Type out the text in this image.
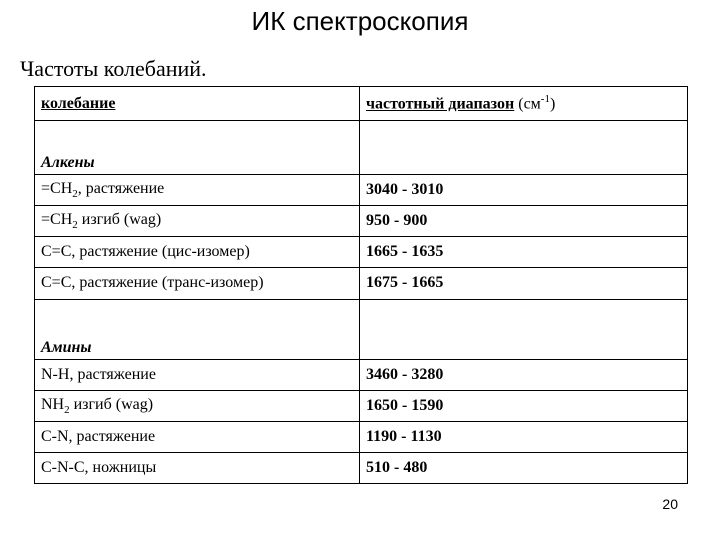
ИК спектроскопия
Частоты колебаний.
колебание	частотный диапазон $(см^{-1})$
Алкены	
$=CH_2$, растяжение	3040 - 3010
$=CH_2$ изгиб (wag)	950 - 900
C=C, растяжение (цис-изомер)	1665 - 1635
C=C, растяжение (транс-изомер)	1675 - 1665
Амины	
N-H, растяжение	3460 - 3280
$NH_2$ изгиб (wag)	1650 - 1590
C-N, растяжение	1190 - 1130
C-N-C, ножницы	510 - 480
20
